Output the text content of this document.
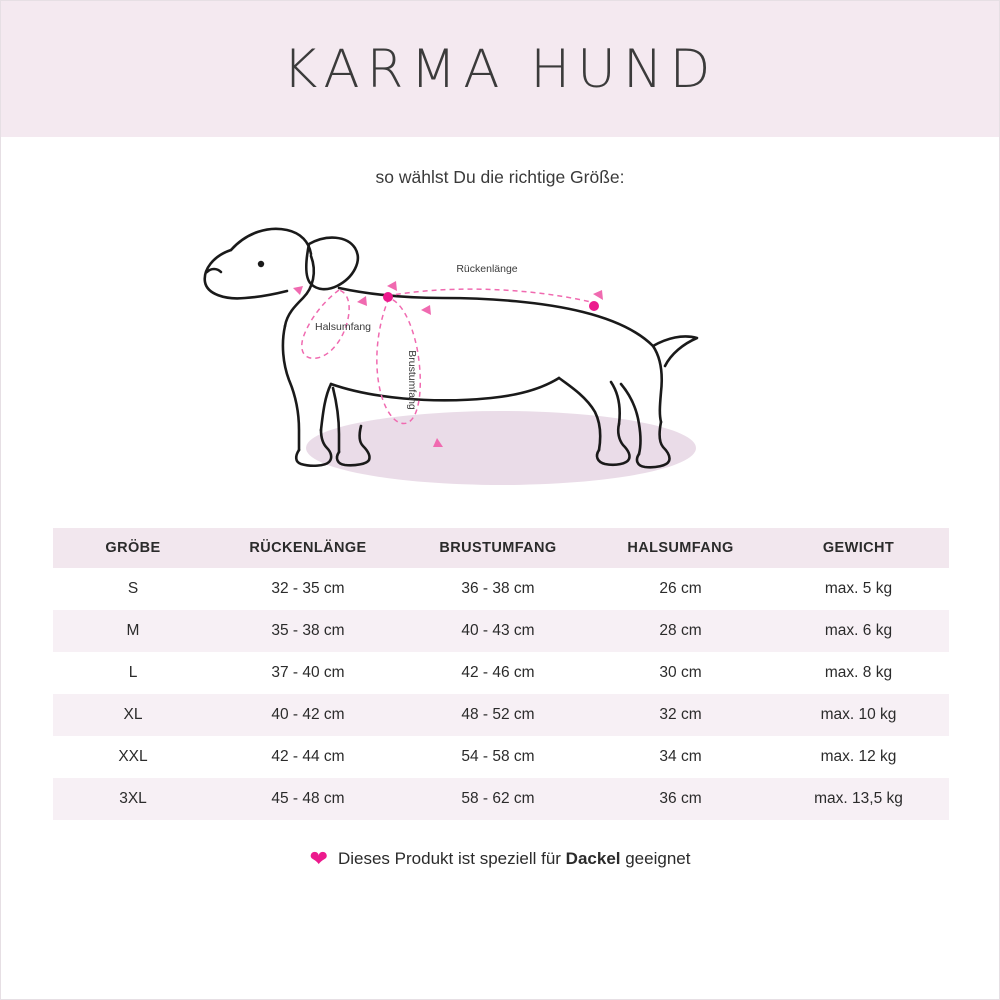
KARMA HUND
so wählst Du die richtige Größe:
Rückenlänge
Halsumfang
Brustumfang
GRÖBE	RÜCKENLÄNGE	BRUSTUMFANG	HALSUMFANG	GEWICHT
S	32 - 35 cm	36 - 38 cm	26 cm	max. 5 kg
M	35 - 38 cm	40 - 43 cm	28 cm	max. 6 kg
L	37 - 40 cm	42 - 46 cm	30 cm	max. 8 kg
XL	40 - 42 cm	48 - 52 cm	32 cm	max. 10 kg
XXL	42 - 44 cm	54 - 58 cm	34 cm	max. 12 kg
3XL	45 - 48 cm	58 - 62 cm	36 cm	max. 13,5 kg
❤ Dieses Produkt ist speziell für Dackel geeignet
